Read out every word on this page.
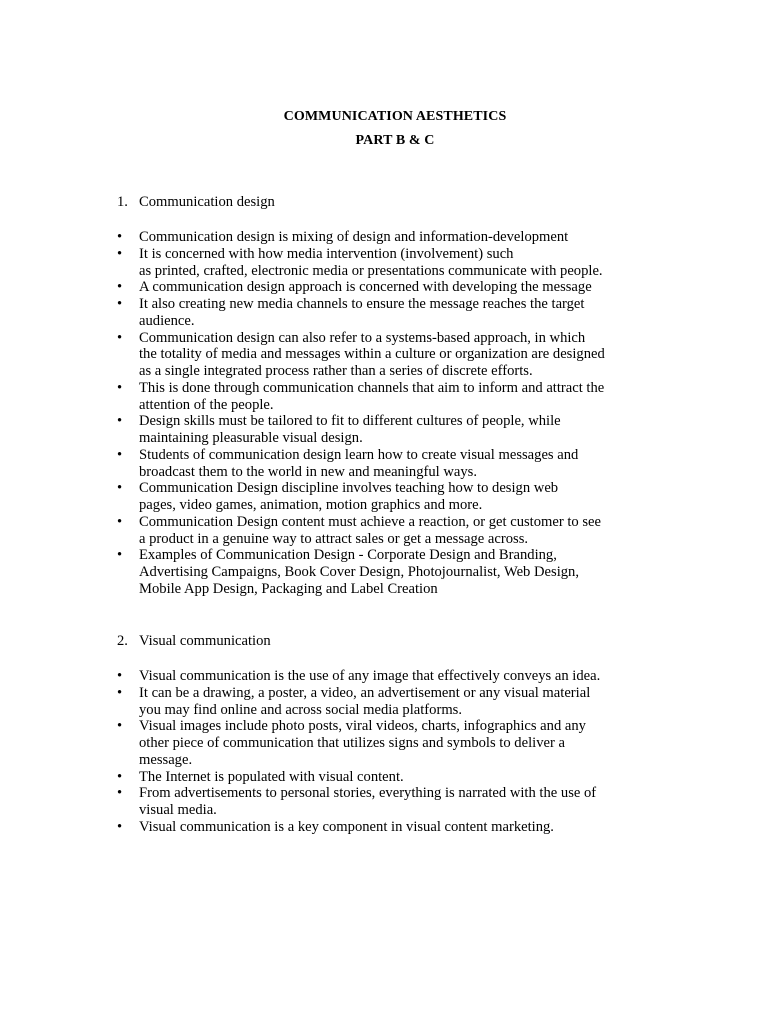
COMMUNICATION AESTHETICS
PART B & C
1. Communication design
• Communication design is mixing of design and information-development
• It is concerned with how media intervention (involvement) such
as printed, crafted, electronic media or presentations communicate with people.
• A communication design approach is concerned with developing the message
• It also creating new media channels to ensure the message reaches the target
audience.
• Communication design can also refer to a systems-based approach, in which
the totality of media and messages within a culture or organization are designed
as a single integrated process rather than a series of discrete efforts.
• This is done through communication channels that aim to inform and attract the
attention of the people.
• Design skills must be tailored to fit to different cultures of people, while
maintaining pleasurable visual design.
• Students of communication design learn how to create visual messages and
broadcast them to the world in new and meaningful ways.
• Communication Design discipline involves teaching how to design web
pages, video games, animation, motion graphics and more.
• Communication Design content must achieve a reaction, or get customer to see
a product in a genuine way to attract sales or get a message across.
• Examples of Communication Design - Corporate Design and Branding,
Advertising Campaigns, Book Cover Design, Photojournalist, Web Design,
Mobile App Design, Packaging and Label Creation
2. Visual communication
• Visual communication is the use of any image that effectively conveys an idea.
• It can be a drawing, a poster, a video, an advertisement or any visual material
you may find online and across social media platforms.
• Visual images include photo posts, viral videos, charts, infographics and any
other piece of communication that utilizes signs and symbols to deliver a
message.
• The Internet is populated with visual content.
• From advertisements to personal stories, everything is narrated with the use of
visual media.
• Visual communication is a key component in visual content marketing.
